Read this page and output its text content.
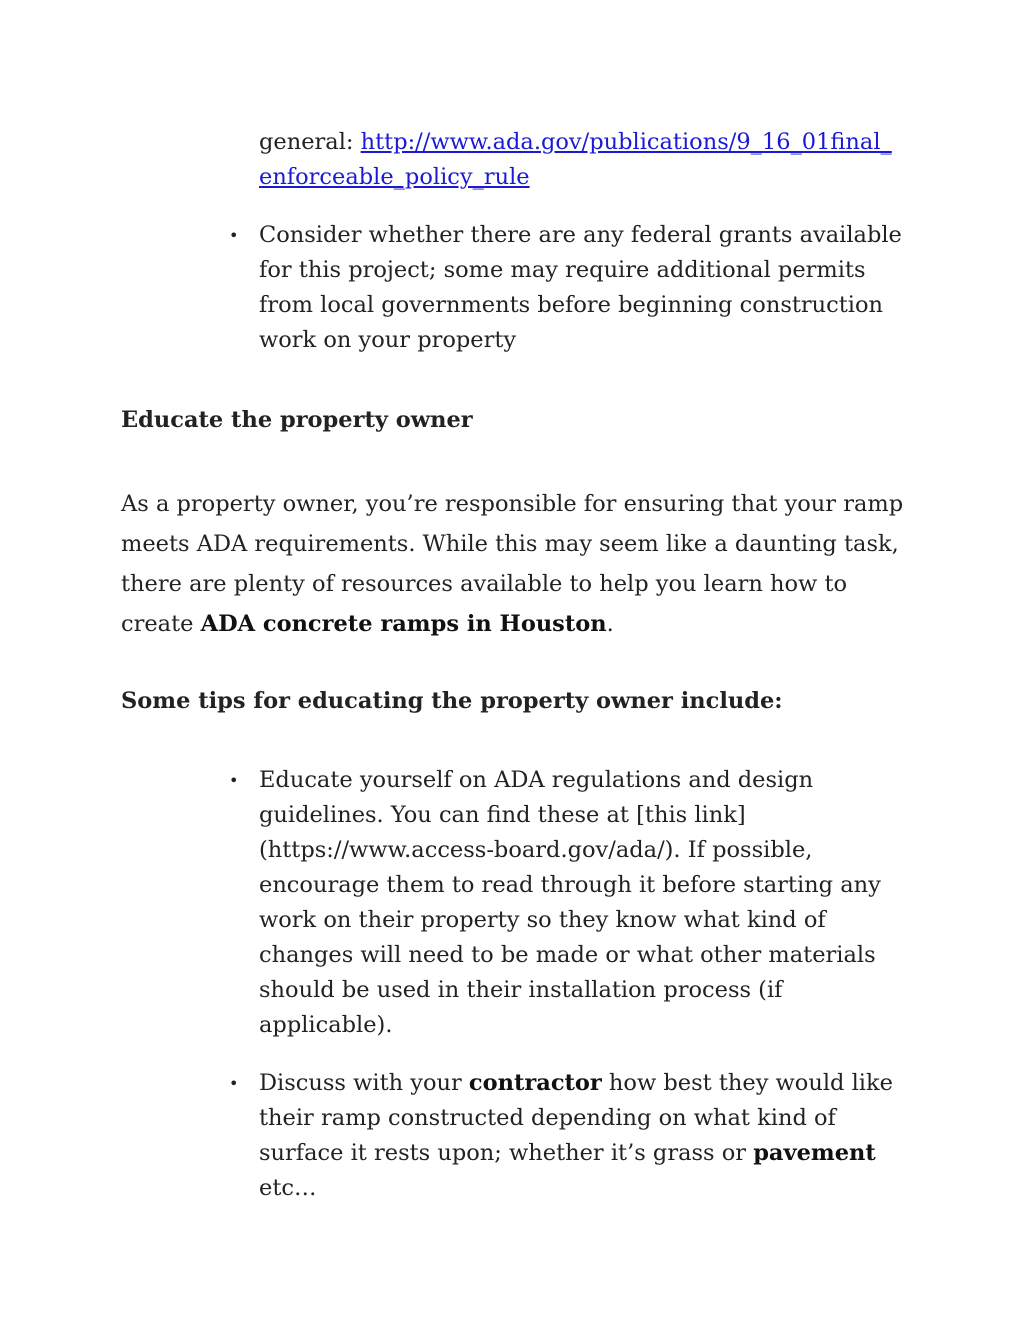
general: http://www.ada.gov/publications/9_16_01final_
enforceable_policy_rule
• Consider whether there are any federal grants available for this project; some may require additional permits from local governments before beginning construction work on your property
Educate the property owner

As a property owner, you’re responsible for ensuring that your ramp meets ADA requirements. While this may seem like a daunting task, there are plenty of resources available to help you learn how to create ADA concrete ramps in Houston.

Some tips for educating the property owner include:
• Educate yourself on ADA regulations and design guidelines. You can find these at [this link](https://www.access-board.gov/ada/). If possible, encourage them to read through it before starting any work on their property so they know what kind of changes will need to be made or what other materials should be used in their installation process (if applicable).
• Discuss with your contractor how best they would like their ramp constructed depending on what kind of surface it rests upon; whether it’s grass or pavement etc…
